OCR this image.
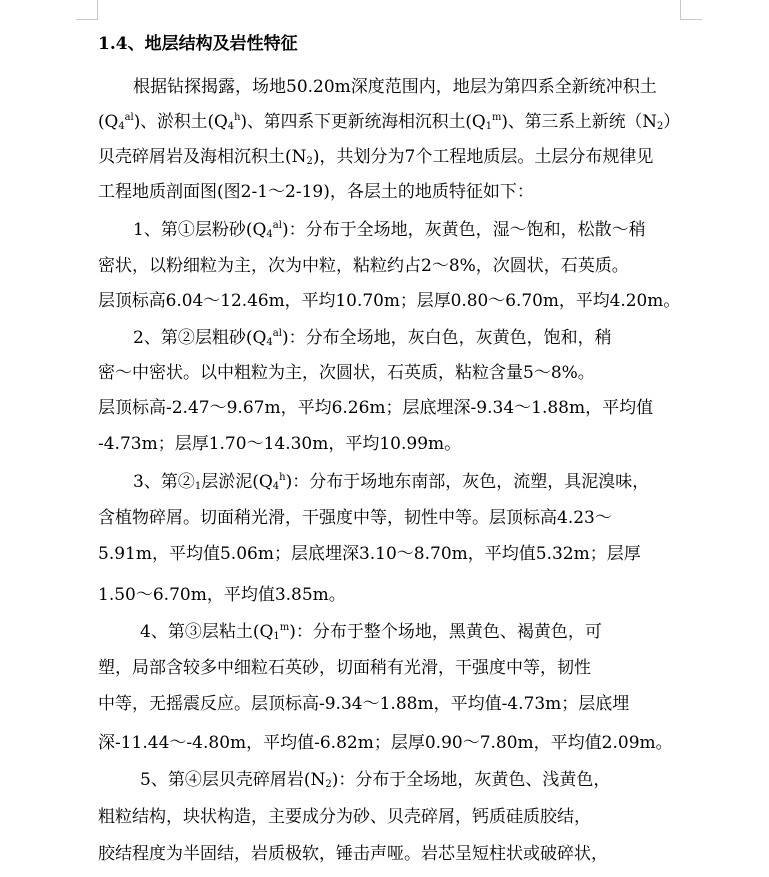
1.4、地层结构及岩性特征
根据钻探揭露，场地50.20m深度范围内，地层为第四系全新统冲积土
$(Q_4^{al})$、淤积土$(Q_4^h)$、第四系下更新统海相沉积土$(Q_1^m)$、第三系上新统$(N_2)$
贝壳碎屑岩及海相沉积土$(N_2)$，共划分为7个工程地质层。土层分布规律见
工程地质剖面图(图2-1～2-19)，各层土的地质特征如下：
1、第①层粉砂$(Q_4^{al})$：分布于全场地，灰黄色，湿～饱和，松散～稍
密状，以粉细粒为主，次为中粒，粘粒约占2～8%，次圆状，石英质。
层顶标高6.04～12.46m，平均10.70m；层厚0.80～6.70m，平均4.20m。
2、第②层粗砂$(Q_4^{al})$：分布全场地，灰白色，灰黄色，饱和，稍
密～中密状。以中粗粒为主，次圆状，石英质，粘粒含量5～8%。
层顶标高-2.47～9.67m，平均6.26m；层底埋深-9.34～1.88m，平均值
-4.73m；层厚1.70～14.30m，平均10.99m。
3、第$②_1$层淤泥$(Q_4^h)$：分布于场地东南部，灰色，流塑，具泥溴味，
含植物碎屑。切面稍光滑，干强度中等，韧性中等。层顶标高4.23～
5.91m，平均值5.06m；层底埋深3.10～8.70m，平均值5.32m；层厚
1.50～6.70m，平均值3.85m。
4、第③层粘土$(Q_1^m)$：分布于整个场地，黑黄色、褐黄色，可
塑，局部含较多中细粒石英砂，切面稍有光滑，干强度中等，韧性
中等，无摇震反应。层顶标高-9.34～1.88m，平均值-4.73m；层底埋
深-11.44～-4.80m，平均值-6.82m；层厚0.90～7.80m，平均值2.09m。
5、第④层贝壳碎屑岩$(N_2)$：分布于全场地，灰黄色、浅黄色，
粗粒结构，块状构造，主要成分为砂、贝壳碎屑，钙质硅质胶结，
胶结程度为半固结，岩质极软，锤击声哑。岩芯呈短柱状或破碎状，
